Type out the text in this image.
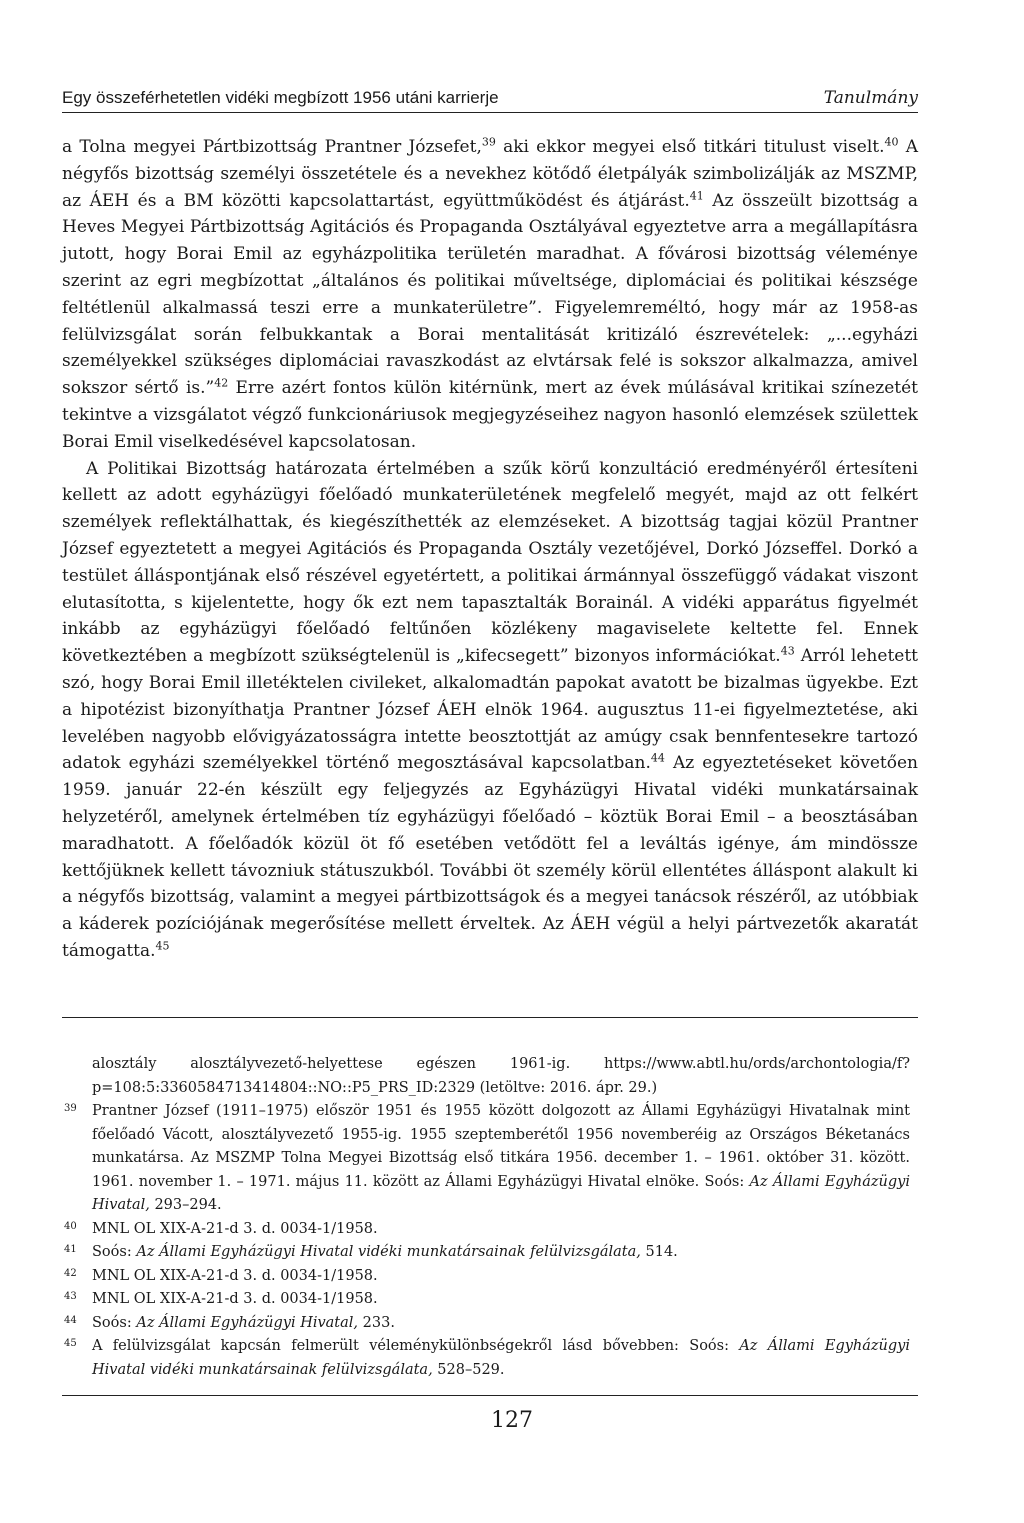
Egy összeférhetetlen vidéki megbízott 1956 utáni karrierje	Tanulmány

a Tolna megyei Pártbizottság Prantner Józsefet,$^{39}$ aki ekkor megyei első titkári titulust viselt.$^{40}$ A négyfős bizottság személyi összetétele és a nevekhez kötődő életpályák szimbolizálják az MSZMP, az ÁEH és a BM közötti kapcsolattartást, együttműködést és átjárást.$^{41}$ Az összeült bizottság a Heves Megyei Pártbizottság Agitációs és Propaganda Osztályával egyeztetve arra a megállapításra jutott, hogy Borai Emil az egyházpolitika területén maradhat. A fővárosi bizottság véleménye szerint az egri megbízottat „általános és politikai műveltsége, diplomáciai és politikai készsége feltétlenül alkalmassá teszi erre a munkaterületre”. Figyelemreméltó, hogy már az 1958-as felülvizsgálat során felbukkantak a Borai mentalitását kritizáló észrevételek: „...egyházi személyekkel szükséges diplomáciai ravaszkodást az elvtársak felé is sokszor alkalmazza, amivel sokszor sértő is.”$^{42}$ Erre azért fontos külön kitérnünk, mert az évek múlásával kritikai színezetét tekintve a vizsgálatot végző funkcionáriusok megjegyzéseihez nagyon hasonló elemzések születtek Borai Emil viselkedésével kapcsolatosan.

A Politikai Bizottság határozata értelmében a szűk körű konzultáció eredményéről értesíteni kellett az adott egyházügyi főelőadó munkaterületének megfelelő megyét, majd az ott felkért személyek reflektálhattak, és kiegészíthették az elemzéseket. A bizottság tagjai közül Prantner József egyeztetett a megyei Agitációs és Propaganda Osztály vezetőjével, Dorkó Józseffel. Dorkó a testület álláspontjának első részével egyetértett, a politikai ármánnyal összefüggő vádakat viszont elutasította, s kijelentette, hogy ők ezt nem tapasztalták Borainál. A vidéki apparátus figyelmét inkább az egyházügyi főelőadó feltűnően közlékeny magaviselete keltette fel. Ennek következtében a megbízott szükségtelenül is „kifecsegett” bizonyos információkat.$^{43}$ Arról lehetett szó, hogy Borai Emil illetéktelen civileket, alkalomadtán papokat avatott be bizalmas ügyekbe. Ezt a hipotézist bizonyíthatja Prantner József ÁEH elnök 1964. augusztus 11-ei figyelmeztetése, aki levelében nagyobb elővigyázatosságra intette beosztottját az amúgy csak bennfentesekre tartozó adatok egyházi személyekkel történő megosztásával kapcsolatban.$^{44}$ Az egyeztetéseket követően 1959. január 22-én készült egy feljegyzés az Egyházügyi Hivatal vidéki munkatársainak helyzetéről, amelynek értelmében tíz egyházügyi főelőadó – köztük Borai Emil – a beosztásában maradhatott. A főelőadók közül öt fő esetében vetődött fel a leváltás igénye, ám mindössze kettőjüknek kellett távozniuk státuszukból. További öt személy körül ellentétes álláspont alakult ki a négyfős bizottság, valamint a megyei pártbizottságok és a megyei tanácsok részéről, az utóbbiak a káderek pozíciójának megerősítése mellett érveltek. Az ÁEH végül a helyi pártvezetők akaratát támogatta.$^{45}$

alosztály alosztályvezető-helyettese egészen 1961-ig. https://www.abtl.hu/ords/archontologia/f?p=108:5:3360584713414804::NO::P5_PRS_ID:2329 (letöltve: 2016. ápr. 29.)

39 Prantner József (1911–1975) először 1951 és 1955 között dolgozott az Állami Egyházügyi Hivatalnak mint főelőadó Vácott, alosztályvezető 1955-ig. 1955 szeptemberétől 1956 novemberéig az Országos Béketanács munkatársa. Az MSZMP Tolna Megyei Bizottság első titkára 1956. december 1. – 1961. október 31. között. 1961. november 1. – 1971. május 11. között az Állami Egyházügyi Hivatal elnöke. Soós: Az Állami Egyházügyi Hivatal, 293–294.

40 MNL OL XIX-A-21-d 3. d. 0034-1/1958.

41 Soós: Az Állami Egyházügyi Hivatal vidéki munkatársainak felülvizsgálata, 514.

42 MNL OL XIX-A-21-d 3. d. 0034-1/1958.

43 MNL OL XIX-A-21-d 3. d. 0034-1/1958.

44 Soós: Az Állami Egyházügyi Hivatal, 233.

45 A felülvizsgálat kapcsán felmerült véleménykülönbségekről lásd bővebben: Soós: Az Állami Egyházügyi Hivatal vidéki munkatársainak felülvizsgálata, 528–529.

127
